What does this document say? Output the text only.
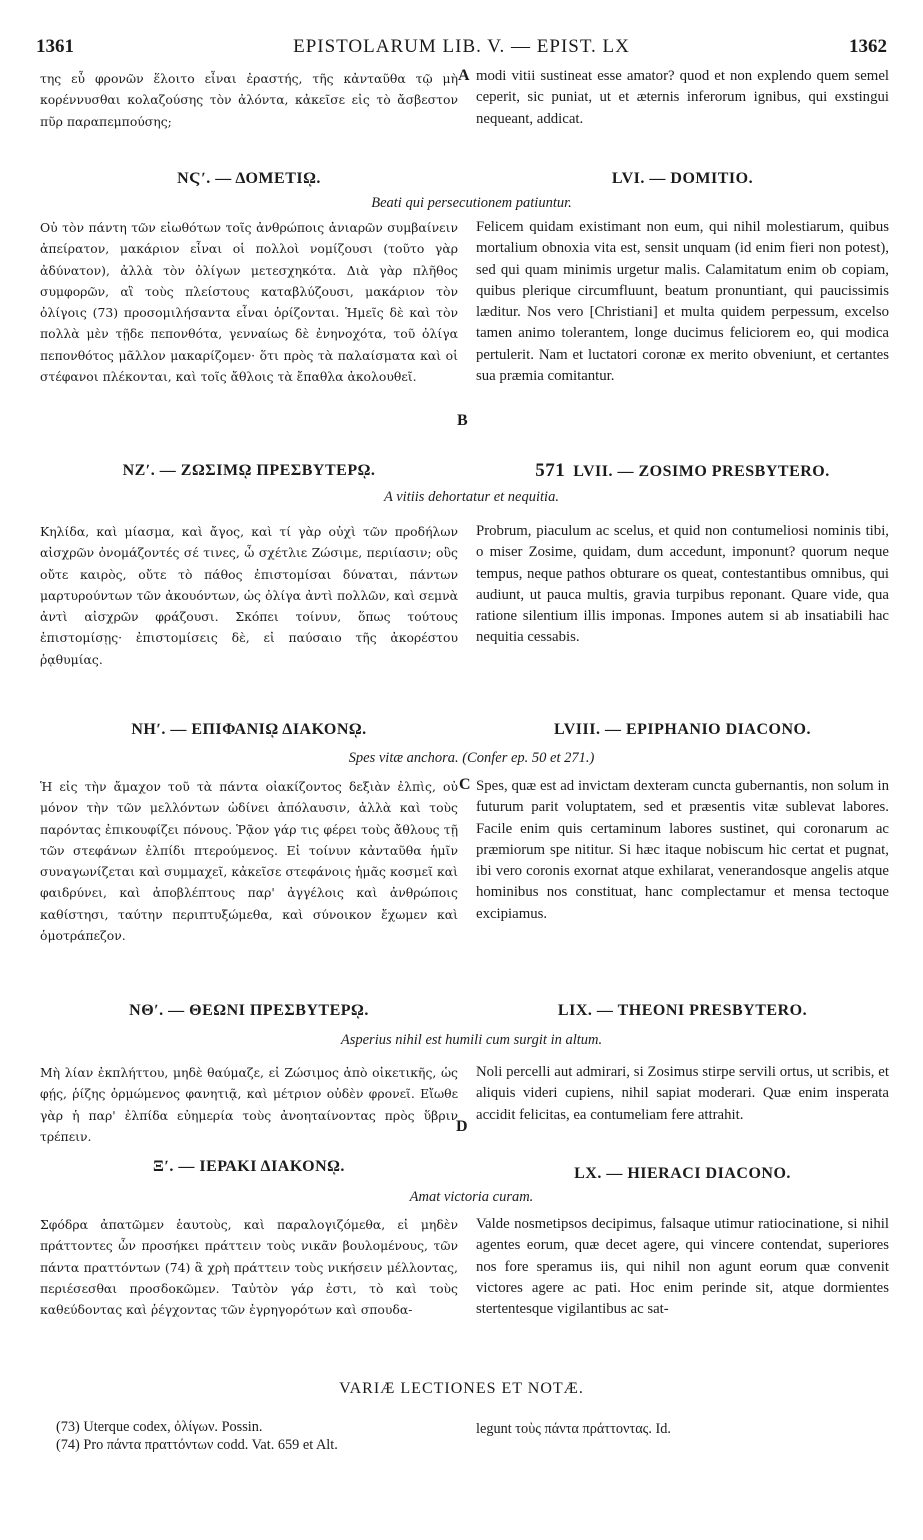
1361	EPISTOLARUM LIB. V. — EPIST. LX	1362
A
B
C
D

της εὖ φρονῶν ἕλοιτο εἶναι ἐραστής, τῆς κἀνταῦθα τῷ μὴ κορέννυσθαι κολαζούσης τὸν ἀλόντα, κἀκεῖσε εἰς τὸ ἄσβεστον πῦρ παραπεμπούσης;

modi vitii sustineat esse amator? quod et non explendo quem semel ceperit, sic puniat, ut et æternis inferorum ignibus, qui exstingui nequeant, addicat.

ΝϚʹ. — ΔΟΜΕΤΙῼ.	LVI. — DOMITIO.
Beati qui persecutionem patiuntur.

Οὐ τὸν πάντη τῶν εἰωθότων τοῖς ἀνθρώποις ἀνιαρῶν συμβαίνειν ἀπείρατον, μακάριον εἶναι οἱ πολλοὶ νομίζουσι (τοῦτο γὰρ ἀδύνατον), ἀλλὰ τὸν ὀλίγων μετεσχηκότα. Διὰ γὰρ πλῆθος συμφορῶν, αἳ τοὺς πλείστους καταβλύζουσι, μακάριον τὸν ὀλίγοις (73) προσομιλήσαντα εἶναι ὁρίζονται. Ἡμεῖς δὲ καὶ τὸν πολλὰ μὲν τῇδε πεπονθότα, γενναίως δὲ ἐνηνοχότα, τοῦ ὀλίγα πεπονθότος μᾶλλον μακαρίζομεν· ὅτι πρὸς τὰ παλαίσματα καὶ οἱ στέφανοι πλέκονται, καὶ τοῖς ἄθλοις τὰ ἔπαθλα ἀκολουθεῖ.

Felicem quidam existimant non eum, qui nihil molestiarum, quibus mortalium obnoxia vita est, sensit unquam (id enim fieri non potest), sed qui quam minimis urgetur malis. Calamitatum enim ob copiam, quibus plerique circumfluunt, beatum pronuntiant, qui paucissimis læditur. Nos vero [Christiani] et multa quidem perpessum, excelso tamen animo tolerantem, longe ducimus feliciorem eo, qui modica pertulerit. Nam et luctatori coronæ ex merito obveniunt, et certantes sua præmia comitantur.

ΝΖʹ. — ΖΩΣΙΜῼ ΠΡΕΣΒΥΤΕΡῼ.	571 LVII. — ZOSIMO PRESBYTERO.
A vitiis dehortatur et nequitia.

Κηλίδα, καὶ μίασμα, καὶ ἄγος, καὶ τί γὰρ οὐχὶ τῶν προδήλων αἰσχρῶν ὀνομάζοντές σέ τινες, ὦ σχέτλιε Ζώσιμε, περιίασιν; οὓς οὔτε καιρὸς, οὔτε τὸ πάθος ἐπιστομίσαι δύναται, πάντων μαρτυρούντων τῶν ἀκουόντων, ὡς ὀλίγα ἀντὶ πολλῶν, καὶ σεμνὰ ἀντὶ αἰσχρῶν φράζουσι. Σκόπει τοίνυν, ὅπως τούτους ἐπιστομίσῃς· ἐπιστομίσεις δὲ, εἰ παύσαιο τῆς ἀκορέστου ῥᾳθυμίας.

Probrum, piaculum ac scelus, et quid non contumeliosi nominis tibi, o miser Zosime, quidam, dum accedunt, imponunt? quorum neque tempus, neque pathos obturare os queat, contestantibus omnibus, qui audiunt, ut pauca multis, gravia turpibus reponant. Quare vide, qua ratione silentium illis imponas. Impones autem si ab insatiabili hac nequitia cessabis.

ΝΗʹ. — ΕΠΙΦΑΝΙῼ ΔΙΑΚΟΝῼ.	LVIII. — EPIPHANIO DIACONO.
Spes vitæ anchora. (Confer ep. 50 et 271.)

Ἡ εἰς τὴν ἄμαχον τοῦ τὰ πάντα οἰακίζοντος δεξιὰν ἐλπὶς, οὐ μόνον τὴν τῶν μελλόντων ὠδίνει ἀπόλαυσιν, ἀλλὰ καὶ τοὺς παρόντας ἐπικουφίζει πόνους. Ῥᾷον γάρ τις φέρει τοὺς ἄθλους τῇ τῶν στεφάνων ἐλπίδι πτερούμενος. Εἰ τοίνυν κἀνταῦθα ἡμῖν συναγωνίζεται καὶ συμμαχεῖ, κἀκεῖσε στεφάνοις ἡμᾶς κοσμεῖ καὶ φαιδρύνει, καὶ ἀποβλέπτους παρ' ἀγγέλοις καὶ ἀνθρώποις καθίστησι, ταύτην περιπτυξώμεθα, καὶ σύνοικον ἔχωμεν καὶ ὁμοτράπεζον.

Spes, quæ est ad invictam dexteram cuncta gubernantis, non solum in futurum parit voluptatem, sed et præsentis vitæ sublevat labores. Facile enim quis certaminum labores sustinet, qui coronarum ac præmiorum spe nititur. Si hæc itaque nobiscum hic certat et pugnat, ibi vero coronis exornat atque exhilarat, venerandosque angelis atque hominibus nos constituat, hanc complectamur et mensa tectoque excipiamus.

ΝΘʹ. — ΘΕΩΝΙ ΠΡΕΣΒΥΤΕΡῼ.	LIX. — THEONI PRESBYTERO.
Asperius nihil est humili cum surgit in altum.

Μὴ λίαν ἐκπλήττου, μηδὲ θαύμαζε, εἰ Ζώσιμος ἀπὸ οἰκετικῆς, ὡς φῄς, ῥίζης ὁρμώμενος φανητιᾷ, καὶ μέτριον οὐδὲν φρονεῖ. Εἴωθε γὰρ ἡ παρ' ἐλπίδα εὐημερία τοὺς ἀνοηταίνοντας πρὸς ὕβριν τρέπειν.

Noli percelli aut admirari, si Zosimus stirpe servili ortus, ut scribis, et aliquis videri cupiens, nihil sapiat moderari. Quæ enim insperata accidit felicitas, ea contumeliam fere attrahit.

Ξʹ. — ΙΕΡΑΚΙ ΔΙΑΚΟΝῼ.	LX. — HIERACI DIACONO.
Amat victoria curam.

Σφόδρα ἀπατῶμεν ἑαυτοὺς, καὶ παραλογιζόμεθα, εἰ μηδὲν πράττοντες ὧν προσήκει πράττειν τοὺς νικᾶν βουλομένους, τῶν πάντα πραττόντων (74) ἃ χρὴ πράττειν τοὺς νικήσειν μέλλοντας, περιέσεσθαι προσδοκῶμεν. Ταὐτὸν γάρ ἐστι, τὸ καὶ τοὺς καθεύδοντας καὶ ῥέγχοντας τῶν ἐγρηγορότων καὶ σπουδα-

Valde nosmetipsos decipimus, falsaque utimur ratiocinatione, si nihil agentes eorum, quæ decet agere, qui vincere contendat, superiores nos fore speramus iis, qui nihil non agunt eorum quæ convenit victores agere ac pati. Hoc enim perinde sit, atque dormientes stertentesque vigilantibus ac sat-

VARIÆ LECTIONES ET NOTÆ.
(73) Uterque codex, ὀλίγων. Possin.
(74) Pro πάντα πραττόντων codd. Vat. 659 et Alt.
legunt τοὺς πάντα πράττοντας. Id.
